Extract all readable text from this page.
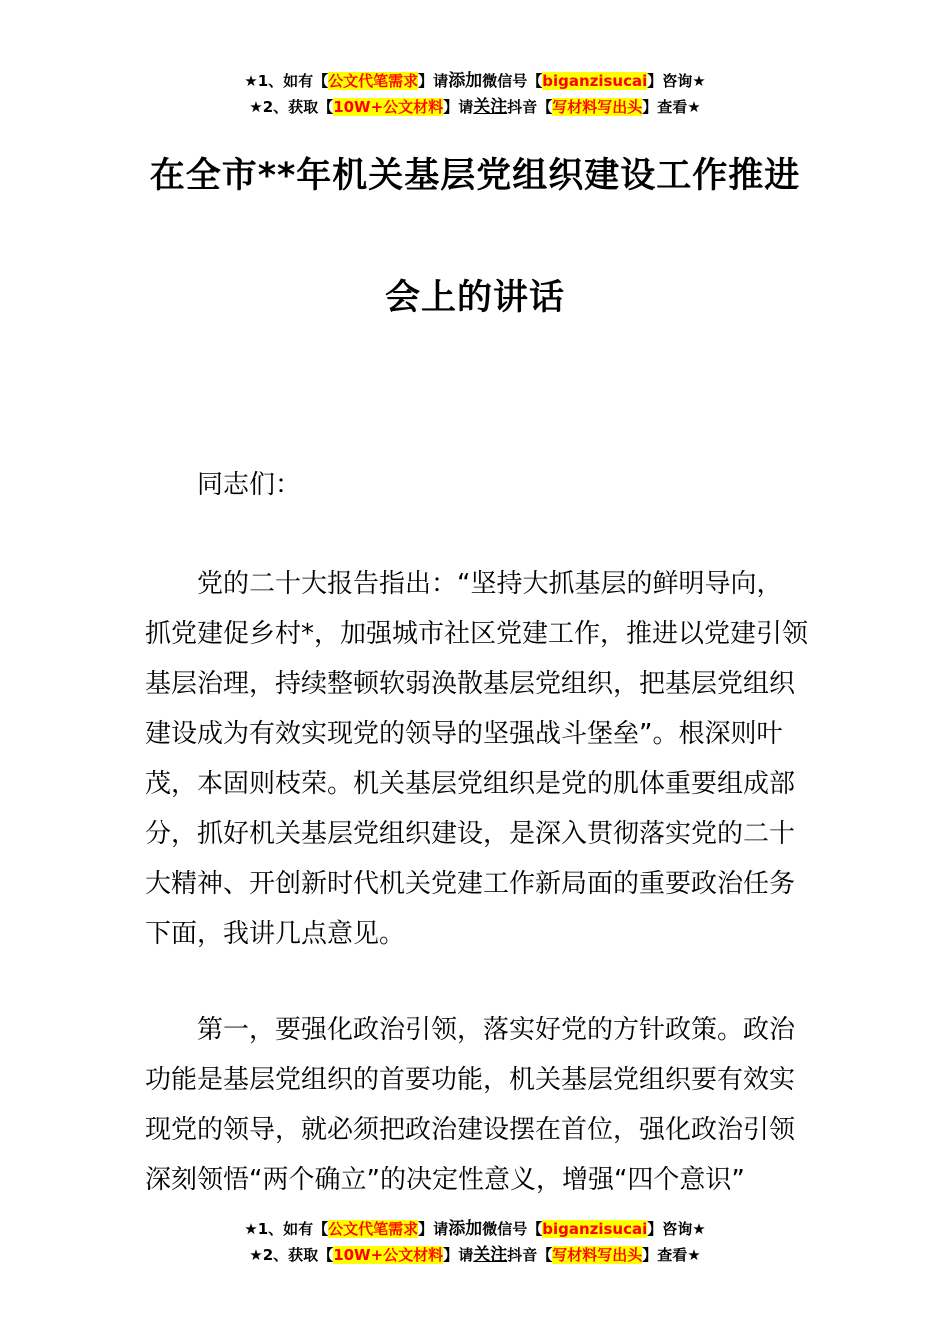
★1、如有【公文代笔需求】请添加微信号【biganzisucai】咨询★
★2、获取【10W+公文材料】请关注抖音【写材料写出头】查看★
在全市**年机关基层党组织建设工作推进
会上的讲话

同志们：

党的二十大报告指出：“坚持大抓基层的鲜明导向，
抓党建促乡村*，加强城市社区党建工作，推进以党建引领
基层治理，持续整顿软弱涣散基层党组织，把基层党组织
建设成为有效实现党的领导的坚强战斗堡垒”。根深则叶
茂，本固则枝荣。机关基层党组织是党的肌体重要组成部
分，抓好机关基层党组织建设，是深入贯彻落实党的二十
大精神、开创新时代机关党建工作新局面的重要政治任务
下面，我讲几点意见。
第一，要强化政治引领，落实好党的方针政策。政治
功能是基层党组织的首要功能，机关基层党组织要有效实
现党的领导，就必须把政治建设摆在首位，强化政治引领
深刻领悟“两个确立”的决定性意义，增强“四个意识”
★1、如有【公文代笔需求】请添加微信号【biganzisucai】咨询★
★2、获取【10W+公文材料】请关注抖音【写材料写出头】查看★
